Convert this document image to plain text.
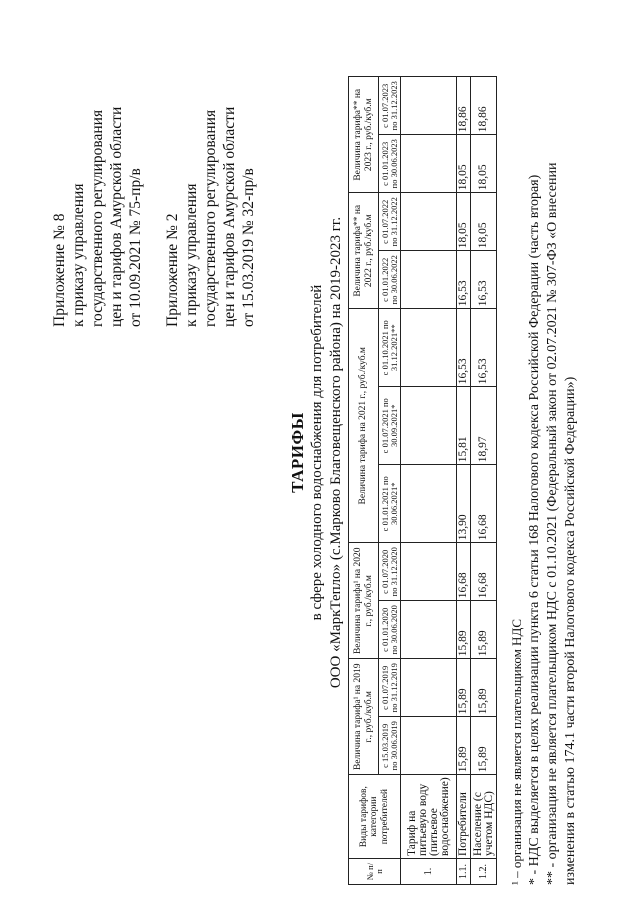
Приложение № 8 к приказу управления государственного регулирования цен и тарифов Амурской области от 10.09.2021 № 75-пр/в Приложение № 2 к приказу управления государственного регулирования цен и тарифов Амурской области от 15.03.2019 № 32-пр/в
ТАРИФЫ в сфере холодного водоснабжения для потребителей ООО «МаркТепло» (с.Марково Благовещенского района) на 2019-2023 гг.
№ п/п	Виды тарифов, категории потребителей	Величина тарифа¹ на 2019 г., руб./куб.м		Величина тарифа¹ на 2020 г., руб./куб.м		Величина тарифа на 2021 г., руб./куб.м			Величина тарифа** на 2022 г., руб./куб.м		Величина тарифа** на 2023 г., руб./куб.м	
		с 15.03.2019 по 30.06.2019	с 01.07.2019 по 31.12.2019	с 01.01.2020 по 30.06.2020	с 01.07.2020 по 31.12.2020	с 01.01.2021 по 30.06.2021*	с 01.07.2021 по 30.09.2021*	с 01.10.2021 по 31.12.2021**	с 01.01.2022 по 30.06.2022	с 01.07.2022 по 31.12.2022	с 01.01.2023 по 30.06.2023	с 01.07.2023 по 31.12.2023
1.	Тариф на питьевую воду (питьевое водоснабжение)											
1.1.	Потребители	15,89	15,89	15,89	16,68	13,90	15,81	16,53	16,53	18,05	18,05	18,86
1.2.	Население (с учетом НДС)	15,89	15,89	15,89	16,68	16,68	18,97	16,53	16,53	18,05	18,05	18,86
¹ – организация не является плательщиком НДС * - НДС выделяется в целях реализации пункта 6 статьи 168 Налогового кодекса Российской Федерации (часть вторая) ** - организация не является плательщиком НДС с 01.10.2021 (Федеральный закон от 02.07.2021 № 307-ФЗ «О внесении изменения в статью 174.1 части второй Налогового кодекса Российской Федерации»)
